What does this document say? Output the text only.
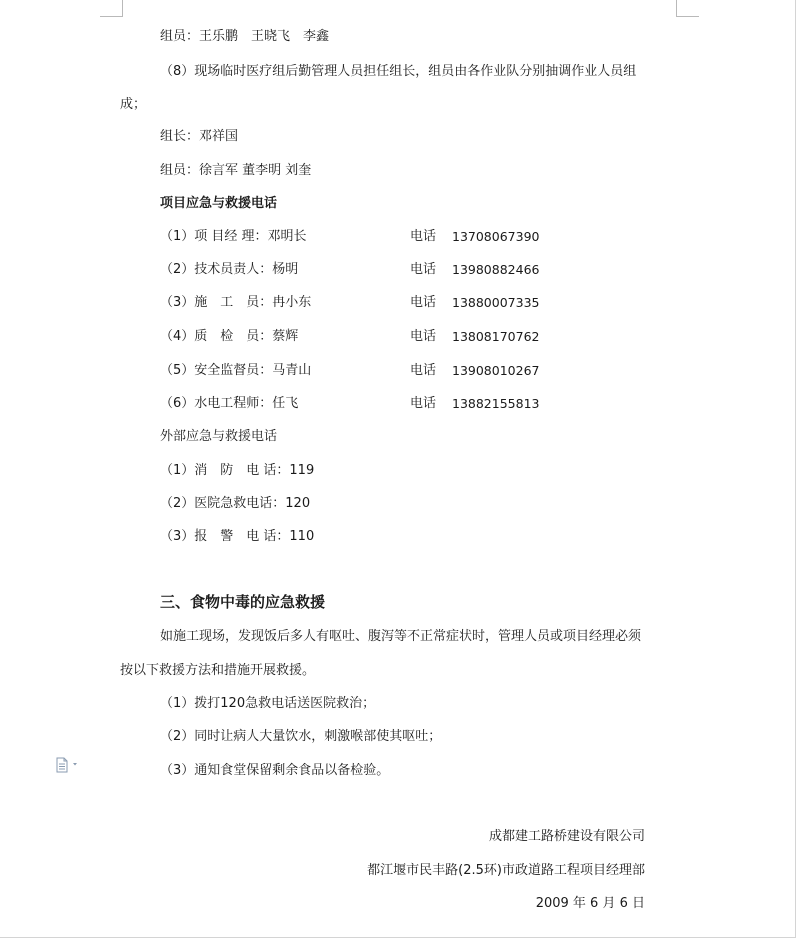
组员：王乐鹏　王晓飞　李鑫
（8）现场临时医疗组后勤管理人员担任组长，组员由各作业队分别抽调作业人员组
成；
组长：邓祥国
组员：徐言军 董李明 刘奎
项目应急与救援电话
（1）项 目经 理：邓明长	电话 13708067390
（2）技术员责人：杨明	电话 13980882466
（3）施　工　员：冉小东	电话 13880007335
（4）质　检　员：蔡辉	电话 13808170762
（5）安全监督员：马青山	电话 13908010267
（6）水电工程师：任飞	电话 13882155813
外部应急与救援电话
（1）消　防　电 话：119
（2）医院急救电话：120
（3）报　警　电 话：110
三、食物中毒的应急救援
如施工现场，发现饭后多人有呕吐、腹泻等不正常症状时，管理人员或项目经理必须
按以下救援方法和措施开展救援。
（1）拨打120急救电话送医院救治；
（2）同时让病人大量饮水，刺激喉部使其呕吐；
（3）通知食堂保留剩余食品以备检验。
成都建工路桥建设有限公司
都江堰市民丰路(2.5环)市政道路工程项目经理部
2009 年 6 月 6 日
